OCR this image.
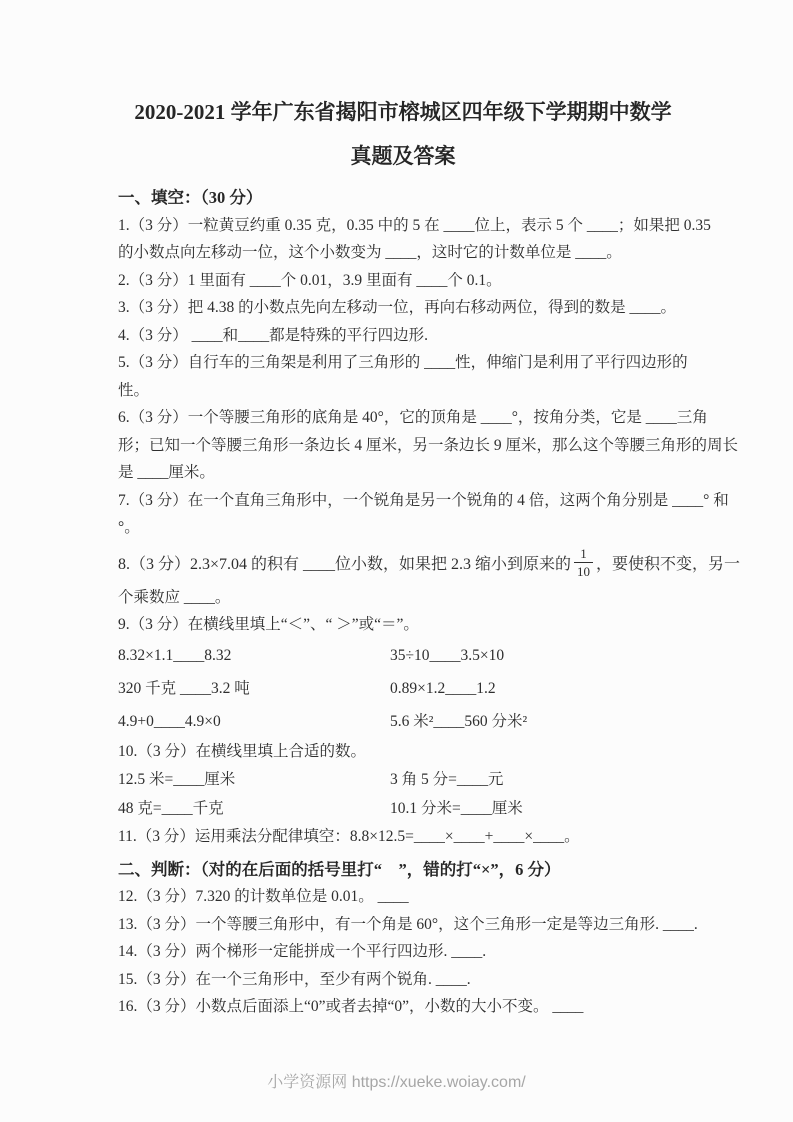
2020-2021 学年广东省揭阳市榕城区四年级下学期期中数学
真题及答案
一、填空：（30 分）
1.（3 分）一粒黄豆约重 0.35 克，0.35 中的 5 在 ____位上，表示 5 个 ____；如果把 0.35
的小数点向左移动一位，这个小数变为 ____，这时它的计数单位是 ____。
2.（3 分）1 里面有 ____个 0.01，3.9 里面有 ____个 0.1。
3.（3 分）把 4.38 的小数点先向左移动一位，再向右移动两位，得到的数是 ____。
4.（3 分） ____和____都是特殊的平行四边形.
5.（3 分）自行车的三角架是利用了三角形的 ____性，伸缩门是利用了平行四边形的
性。
6.（3 分）一个等腰三角形的底角是 40°，它的顶角是 ____°，按角分类，它是 ____三角
形；已知一个等腰三角形一条边长 4 厘米，另一条边长 9 厘米，那么这个等腰三角形的周长
是 ____厘米。
7.（3 分）在一个直角三角形中，一个锐角是另一个锐角的 4 倍，这两个角分别是 ____° 和
°。
8.（3 分）2.3×7.04 的积有 ____位小数，如果把 2.3 缩小到原来的 $\frac{1}{10}$ ，要使积不变，另一
个乘数应 ____。
9.（3 分）在横线里填上“＜”、“ ＞”或“＝”。
8.32×1.1____8.32	35÷10____3.5×10
320 千克 ____3.2 吨	0.89×1.2____1.2
4.9+0____4.9×0	5.6 米²____560 分米²
10.（3 分）在横线里填上合适的数。
12.5 米=____厘米	3 角 5 分=____元
48 克=____千克	10.1 分米=____厘米
11.（3 分）运用乘法分配律填空：8.8×12.5=____×____+____×____。
二、判断：（对的在后面的括号里打“　”，错的打“×”，6 分）
12.（3 分）7.320 的计数单位是 0.01。 ____
13.（3 分）一个等腰三角形中，有一个角是 60°，这个三角形一定是等边三角形. ____.
14.（3 分）两个梯形一定能拼成一个平行四边形. ____.
15.（3 分）在一个三角形中，至少有两个锐角. ____.
16.（3 分）小数点后面添上“0”或者去掉“0”，小数的大小不变。 ____
小学资源网 https://xueke.woiay.com/
